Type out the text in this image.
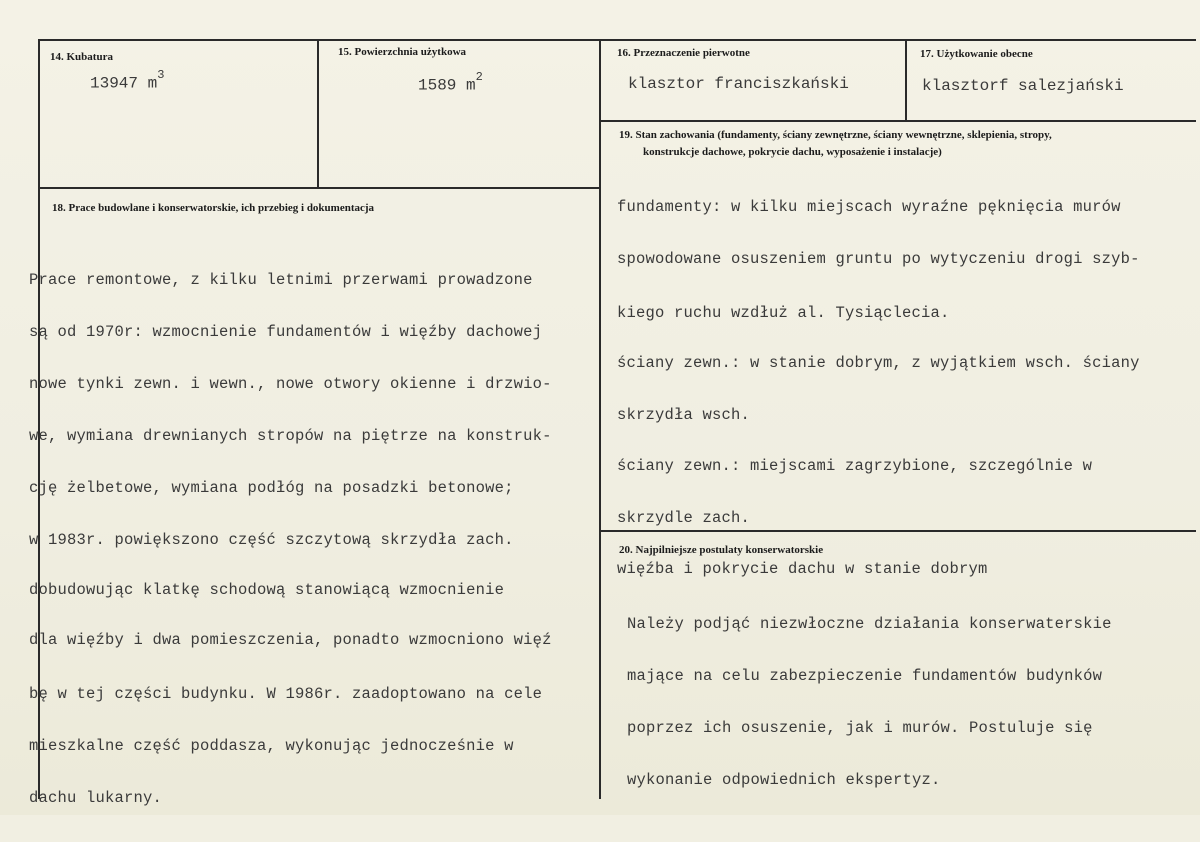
14. Kubatura
13947 $m^3$
15. Powierzchnia użytkowa
1589 $m^2$
16. Przeznaczenie pierwotne
klasztor franciszkański
17. Użytkowanie obecne
klasztorf salezjański
18. Prace budowlane i konserwatorskie, ich przebieg i dokumentacja

Prace remontowe, z kilku letnimi przerwami prowadzone

są od 1970r: wzmocnienie fundamentów i więźby dachowej

nowe tynki zewn. i wewn., nowe otwory okienne i drzwio-

we, wymiana drewnianych stropów na piętrze na konstruk-

cję żelbetowe, wymiana podłóg na posadzki betonowe;

w 1983r. powiększono część szczytową skrzydła zach.

dobudowując klatkę schodową stanowiącą wzmocnienie

dla więźby i dwa pomieszczenia, ponadto wzmocniono więź

bę w tej części budynku. W 1986r. zaadoptowano na cele

mieszkalne część poddasza, wykonując jednocześnie w

dachu lukarny.

19. Stan zachowania (fundamenty, ściany zewnętrzne, ściany wewnętrzne, sklepienia, stropy,
konstrukcje dachowe, pokrycie dachu, wyposażenie i instalacje)

fundamenty: w kilku miejscach wyraźne pęknięcia murów

spowodowane osuszeniem gruntu po wytyczeniu drogi szyb-

kiego ruchu wzdłuż al. Tysiąclecia.

ściany zewn.: w stanie dobrym, z wyjątkiem wsch. ściany

skrzydła wsch.

ściany zewn.: miejscami zagrzybione, szczególnie w

skrzydle zach.

więźba i pokrycie dachu w stanie dobrym

20. Najpilniejsze postulaty konserwatorskie

Należy podjąć niezwłoczne działania konserwaterskie

mające na celu zabezpieczenie fundamentów budynków

poprzez ich osuszenie, jak i murów. Postuluje się

wykonanie odpowiednich ekspertyz.
